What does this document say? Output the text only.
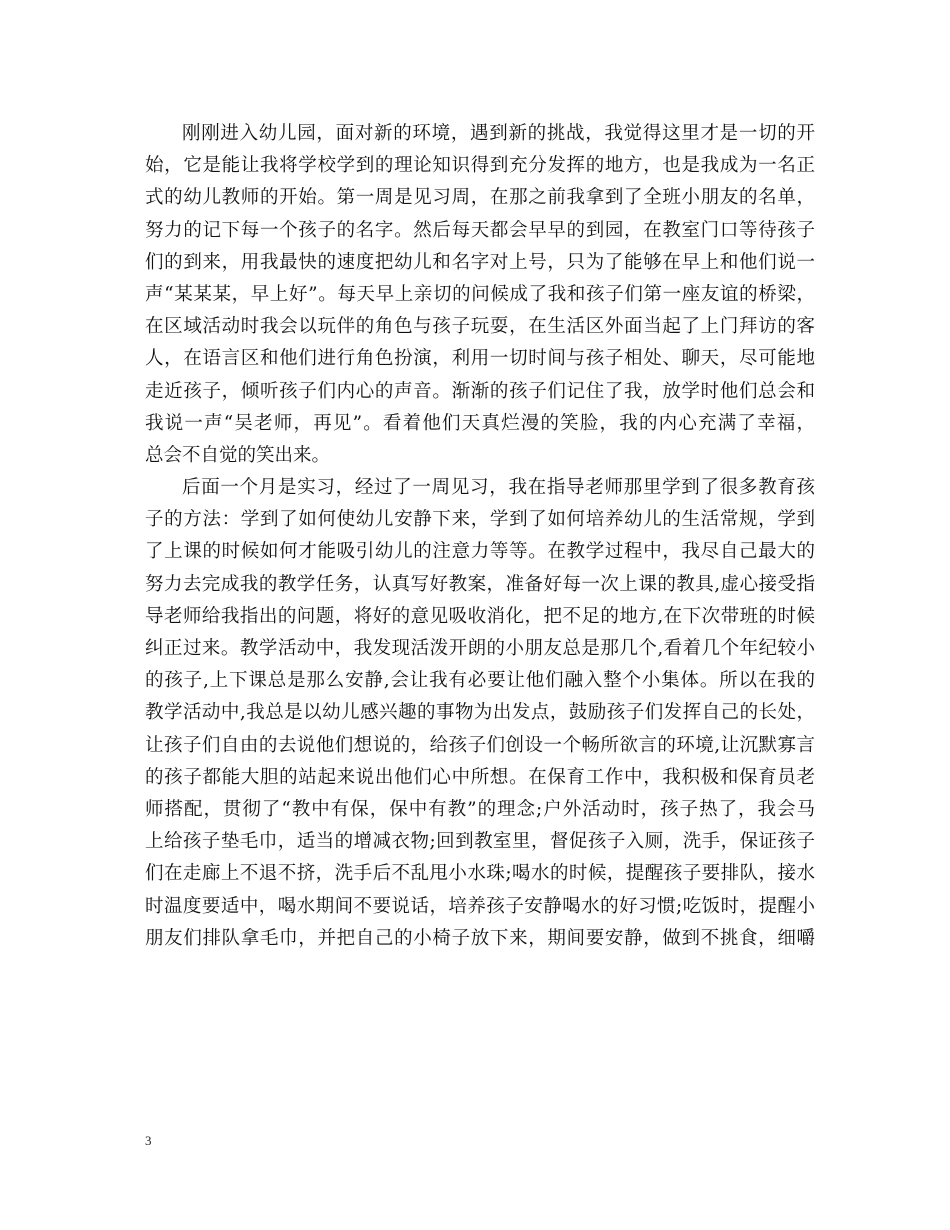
刚刚进入幼儿园，面对新的环境，遇到新的挑战，我觉得这里才是一切的开
始，它是能让我将学校学到的理论知识得到充分发挥的地方，也是我成为一名正
式的幼儿教师的开始。第一周是见习周，在那之前我拿到了全班小朋友的名单，
努力的记下每一个孩子的名字。然后每天都会早早的到园，在教室门口等待孩子
们的到来，用我最快的速度把幼儿和名字对上号，只为了能够在早上和他们说一
声“某某某，早上好”。每天早上亲切的问候成了我和孩子们第一座友谊的桥梁，
在区域活动时我会以玩伴的角色与孩子玩耍，在生活区外面当起了上门拜访的客
人，在语言区和他们进行角色扮演，利用一切时间与孩子相处、聊天，尽可能地
走近孩子，倾听孩子们内心的声音。渐渐的孩子们记住了我，放学时他们总会和
我说一声“吴老师，再见”。看着他们天真烂漫的笑脸，我的内心充满了幸福，
总会不自觉的笑出来。
后面一个月是实习，经过了一周见习，我在指导老师那里学到了很多教育孩
子的方法：学到了如何使幼儿安静下来，学到了如何培养幼儿的生活常规，学到
了上课的时候如何才能吸引幼儿的注意力等等。在教学过程中，我尽自己最大的
努力去完成我的教学任务，认真写好教案，准备好每一次上课的教具,虚心接受指
导老师给我指出的问题，将好的意见吸收消化，把不足的地方,在下次带班的时候
纠正过来。教学活动中，我发现活泼开朗的小朋友总是那几个,看着几个年纪较小
的孩子,上下课总是那么安静,会让我有必要让他们融入整个小集体。所以在我的
教学活动中,我总是以幼儿感兴趣的事物为出发点，鼓励孩子们发挥自己的长处，
让孩子们自由的去说他们想说的，给孩子们创设一个畅所欲言的环境,让沉默寡言
的孩子都能大胆的站起来说出他们心中所想。在保育工作中，我积极和保育员老
师搭配，贯彻了“教中有保，保中有教”的理念;户外活动时，孩子热了，我会马
上给孩子垫毛巾，适当的增减衣物;回到教室里，督促孩子入厕，洗手，保证孩子
们在走廊上不退不挤，洗手后不乱甩小水珠;喝水的时候，提醒孩子要排队，接水
时温度要适中，喝水期间不要说话，培养孩子安静喝水的好习惯;吃饭时，提醒小
朋友们排队拿毛巾，并把自己的小椅子放下来，期间要安静，做到不挑食，细嚼
3
